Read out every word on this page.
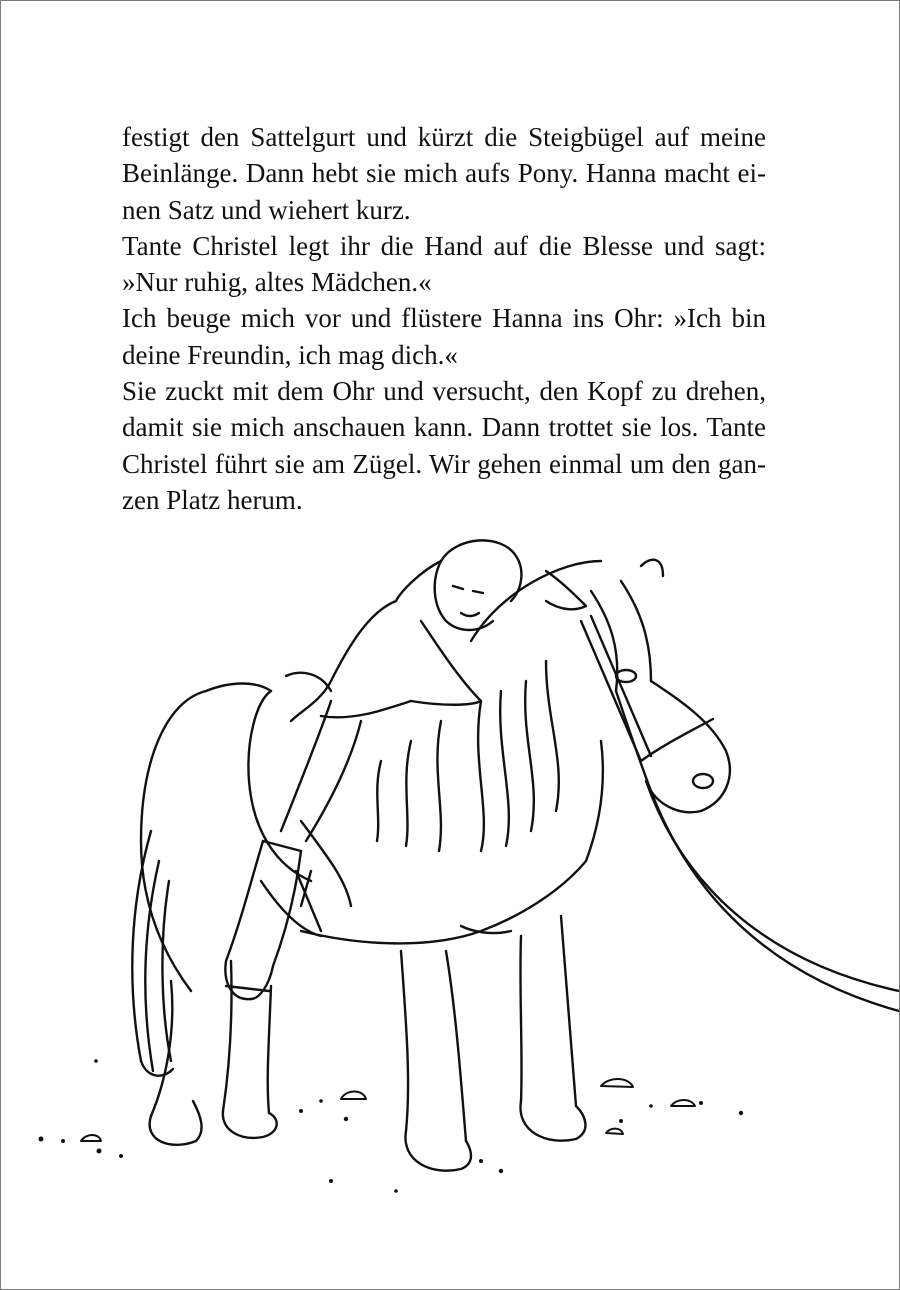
festigt den Sattelgurt und kürzt die Steigbügel auf meine
Beinlänge. Dann hebt sie mich aufs Pony. Hanna macht ei-
nen Satz und wiehert kurz.
Tante Christel legt ihr die Hand auf die Blesse und sagt:
»Nur ruhig, altes Mädchen.«
Ich beuge mich vor und flüstere Hanna ins Ohr: »Ich bin
deine Freundin, ich mag dich.«
Sie zuckt mit dem Ohr und versucht, den Kopf zu drehen,
damit sie mich anschauen kann. Dann trottet sie los. Tante
Christel führt sie am Zügel. Wir gehen einmal um den gan-
zen Platz herum.
